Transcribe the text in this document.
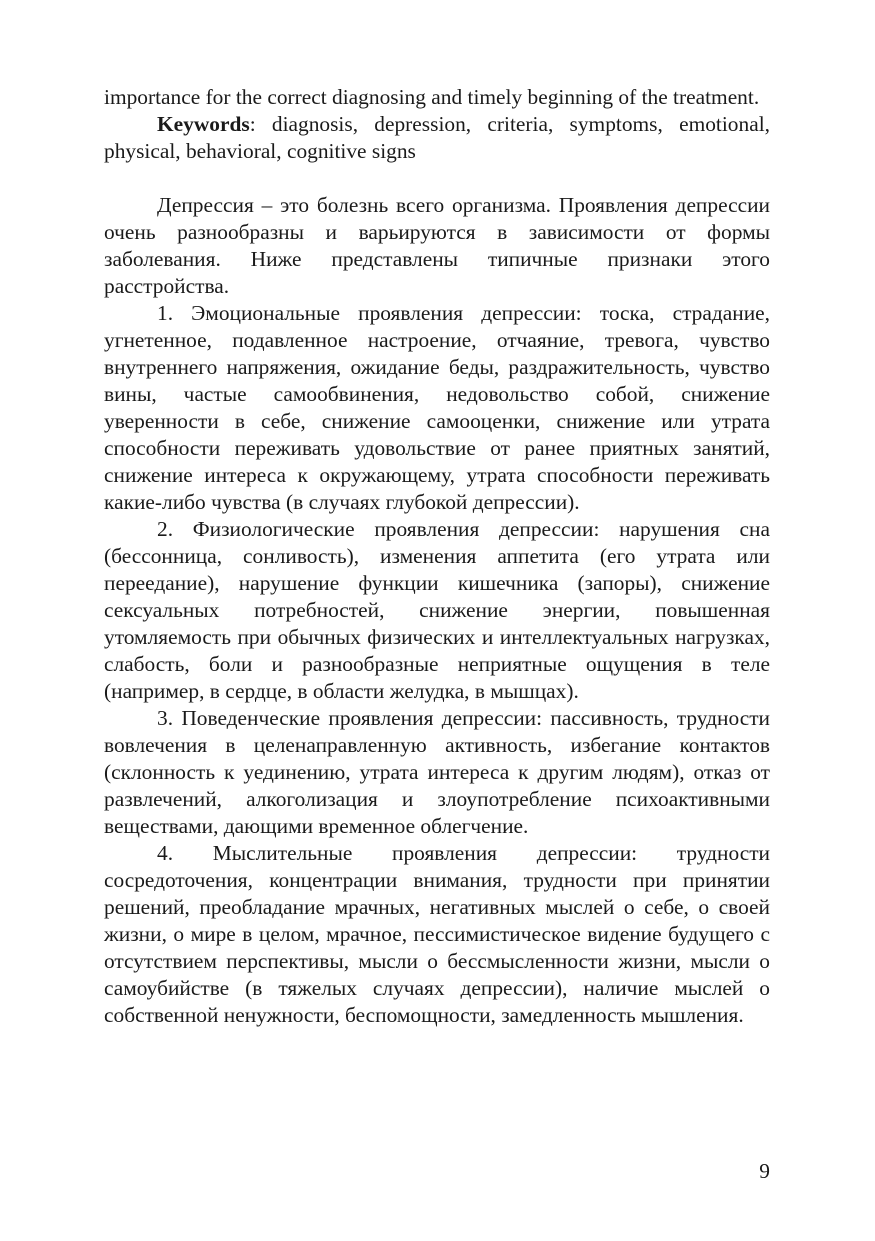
importance for the correct diagnosing and timely beginning of the treatment.

Keywords: diagnosis, depression, criteria, symptoms, emotional, physical, behavioral, cognitive signs

Депрессия – это болезнь всего организма. Проявления депрессии очень разнообразны и варьируются в зависимости от формы заболевания. Ниже представлены типичные признаки этого расстройства.

1. Эмоциональные проявления депрессии: тоска, страдание, угнетенное, подавленное настроение, отчаяние, тревога, чувство внутреннего напряжения, ожидание беды, раздражительность, чувство вины, частые самообвинения, недовольство собой, снижение уверенности в себе, снижение самооценки, снижение или утрата способности переживать удовольствие от ранее приятных занятий, снижение интереса к окружающему, утрата способности переживать какие-либо чувства (в случаях глубокой депрессии).

2. Физиологические проявления депрессии: нарушения сна (бессонница, сонливость), изменения аппетита (его утрата или переедание), нарушение функции кишечника (запоры), снижение сексуальных потребностей, снижение энергии, повышенная утомляемость при обычных физических и интеллектуальных нагрузках, слабость, боли и разнообразные неприятные ощущения в теле (например, в сердце, в области желудка, в мышцах).

3. Поведенческие проявления депрессии: пассивность, трудности вовлечения в целенаправленную активность, избегание контактов (склонность к уединению, утрата интереса к другим людям), отказ от развлечений, алкоголизация и злоупотребление психоактивными веществами, дающими временное облегчение.

4. Мыслительные проявления депрессии: трудности сосредоточения, концентрации внимания, трудности при принятии решений, преобладание мрачных, негативных мыслей о себе, о своей жизни, о мире в целом, мрачное, пессимистическое видение будущего с отсутствием перспективы, мысли о бессмысленности жизни, мысли о самоубийстве (в тяжелых случаях депрессии), наличие мыслей о собственной ненужности, беспомощности, замедленность мышления.

9
